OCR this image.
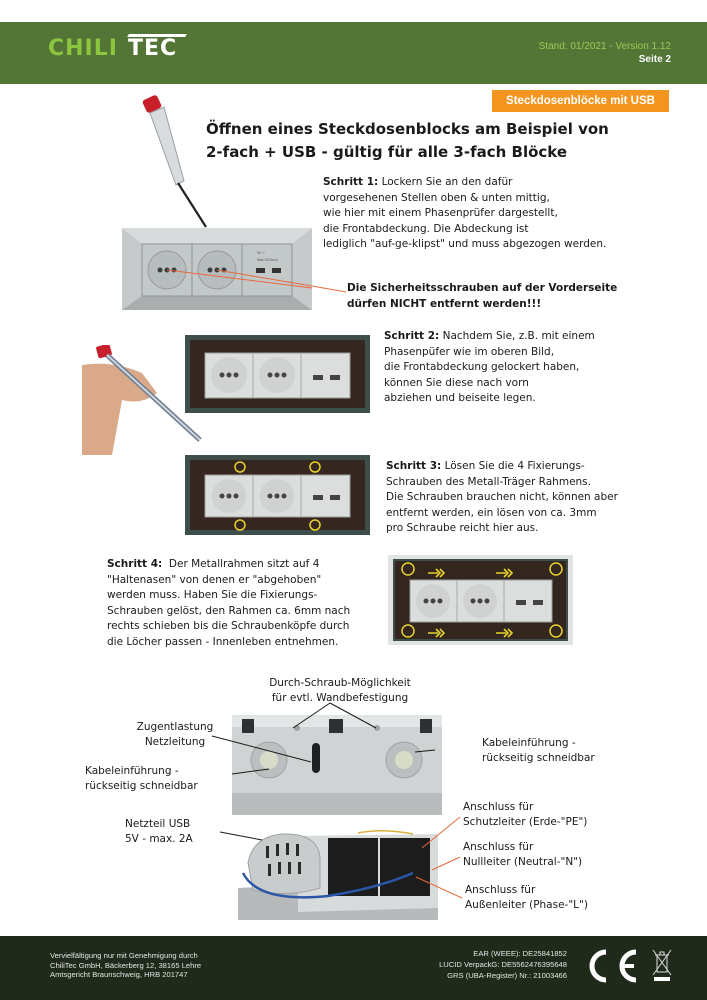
CHILI TEC	Stand: 01/2021 - Version 1.12
Seite 2
Steckdosenblöcke mit USB
Öffnen eines Steckdosenblocks am Beispiel von
2-fach + USB - gültig für alle 3-fach Blöcke
Schritt 1: Lockern Sie an den dafür
vorgesehenen Stellen oben & unten mittig,
wie hier mit einem Phasenprüfer dargestellt,
die Frontabdeckung. Die Abdeckung ist
lediglich "auf-ge-klipst" und muss abgezogen werden.
5V ⎓
Max.2100mA
Die Sicherheitsschrauben auf der Vorderseite
dürfen NICHT entfernt werden!!!
Schritt 2: Nachdem Sie, z.B. mit einem
Phasenpüfer wie im oberen Bild,
die Frontabdeckung gelockert haben,
können Sie diese nach vorn
abziehen und beiseite legen.
Schritt 3: Lösen Sie die 4 Fixierungs-
Schrauben des Metall-Träger Rahmens.
Die Schrauben brauchen nicht, können aber
entfernt werden, ein lösen von ca. 3mm
pro Schraube reicht hier aus.
Schritt 4:  Der Metallrahmen sitzt auf 4
"Haltenasen" von denen er "abgehoben"
werden muss. Haben Sie die Fixierungs-
Schrauben gelöst, den Rahmen ca. 6mm nach
rechts schieben bis die Schraubenköpfe durch
die Löcher passen - Innenleben entnehmen.
Durch-Schraub-Möglichkeit
für evtl. Wandbefestigung
Zugentlastung
Netzleitung
Kabeleinführung -
rückseitig schneidbar
Kabeleinführung -
rückseitig schneidbar
Netzteil USB
5V - max. 2A
Anschluss für
Schutzleiter (Erde-"PE")
Anschluss für
Nullleiter (Neutral-"N")
Anschluss für
Außenleiter (Phase-"L")
Vervielfältigung nur mit Genehmigung durch
ChiliTec GmbH, Bäckerberg 12, 38165 Lehre
Amtsgericht Braunschweig, HRB 201747
EAR (WEEE): DE25841852
LUCID VerpackG: DE5562476395648
GRS (UBA-Register) Nr.: 21003466
